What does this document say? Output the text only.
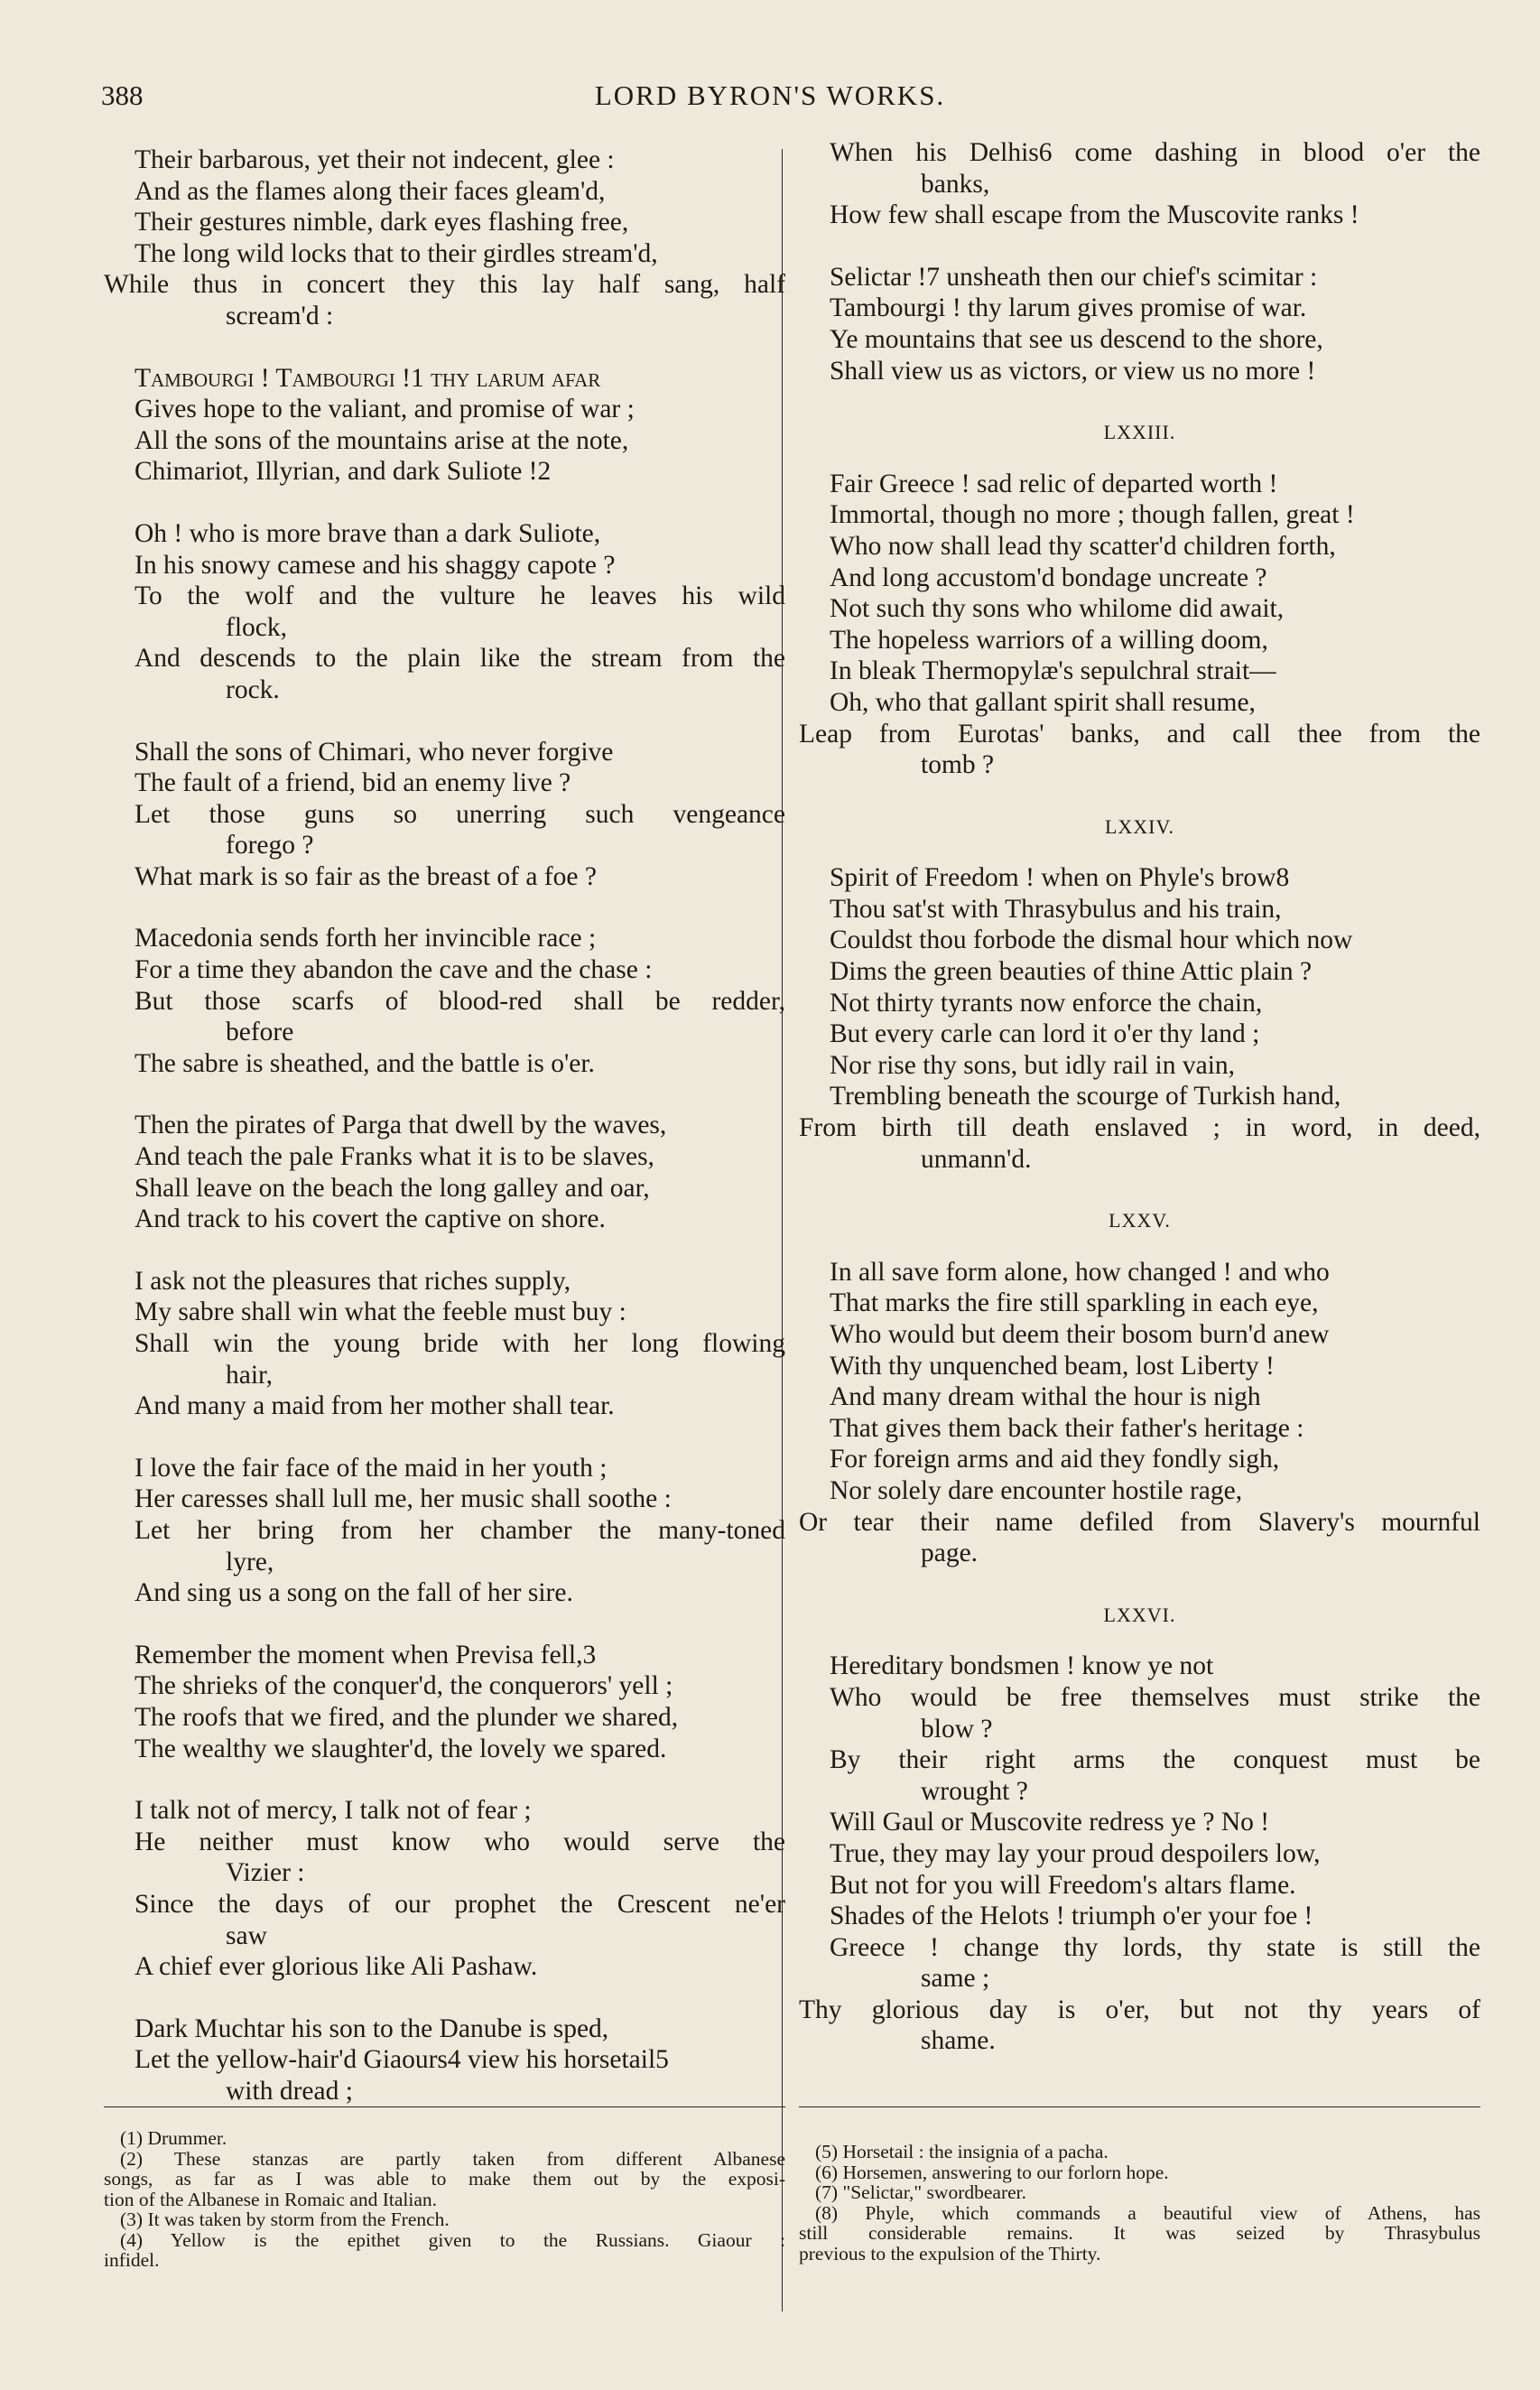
388	LORD BYRON'S WORKS.
Their barbarous, yet their not indecent, glee :
And as the flames along their faces gleam'd,
Their gestures nimble, dark eyes flashing free,
The long wild locks that to their girdles stream'd,
While thus in concert they this lay half sang, half
scream'd :
Tambourgi ! Tambourgi !1 thy larum afar
Gives hope to the valiant, and promise of war ;
All the sons of the mountains arise at the note,
Chimariot, Illyrian, and dark Suliote !2
Oh ! who is more brave than a dark Suliote,
In his snowy camese and his shaggy capote ?
To the wolf and the vulture he leaves his wild
flock,
And descends to the plain like the stream from the
rock.
Shall the sons of Chimari, who never forgive
The fault of a friend, bid an enemy live ?
Let those guns so unerring such vengeance
forego ?
What mark is so fair as the breast of a foe ?
Macedonia sends forth her invincible race ;
For a time they abandon the cave and the chase :
But those scarfs of blood-red shall be redder,
before
The sabre is sheathed, and the battle is o'er.
Then the pirates of Parga that dwell by the waves,
And teach the pale Franks what it is to be slaves,
Shall leave on the beach the long galley and oar,
And track to his covert the captive on shore.
I ask not the pleasures that riches supply,
My sabre shall win what the feeble must buy :
Shall win the young bride with her long flowing
hair,
And many a maid from her mother shall tear.
I love the fair face of the maid in her youth ;
Her caresses shall lull me, her music shall soothe :
Let her bring from her chamber the many-toned
lyre,
And sing us a song on the fall of her sire.
Remember the moment when Previsa fell,3
The shrieks of the conquer'd, the conquerors' yell ;
The roofs that we fired, and the plunder we shared,
The wealthy we slaughter'd, the lovely we spared.
I talk not of mercy, I talk not of fear ;
He neither must know who would serve the
Vizier :
Since the days of our prophet the Crescent ne'er
saw
A chief ever glorious like Ali Pashaw.
Dark Muchtar his son to the Danube is sped,
Let the yellow-hair'd Giaours4 view his horsetail5
with dread ;
When his Delhis6 come dashing in blood o'er the
banks,
How few shall escape from the Muscovite ranks !
Selictar !7 unsheath then our chief's scimitar :
Tambourgi ! thy larum gives promise of war.
Ye mountains that see us descend to the shore,
Shall view us as victors, or view us no more !
LXXIII.
Fair Greece ! sad relic of departed worth !
Immortal, though no more ; though fallen, great !
Who now shall lead thy scatter'd children forth,
And long accustom'd bondage uncreate ?
Not such thy sons who whilome did await,
The hopeless warriors of a willing doom,
In bleak Thermopylæ's sepulchral strait—
Oh, who that gallant spirit shall resume,
Leap from Eurotas' banks, and call thee from the
tomb ?
LXXIV.
Spirit of Freedom ! when on Phyle's brow8
Thou sat'st with Thrasybulus and his train,
Couldst thou forbode the dismal hour which now
Dims the green beauties of thine Attic plain ?
Not thirty tyrants now enforce the chain,
But every carle can lord it o'er thy land ;
Nor rise thy sons, but idly rail in vain,
Trembling beneath the scourge of Turkish hand,
From birth till death enslaved ; in word, in deed,
unmann'd.
LXXV.
In all save form alone, how changed ! and who
That marks the fire still sparkling in each eye,
Who would but deem their bosom burn'd anew
With thy unquenched beam, lost Liberty !
And many dream withal the hour is nigh
That gives them back their father's heritage :
For foreign arms and aid they fondly sigh,
Nor solely dare encounter hostile rage,
Or tear their name defiled from Slavery's mournful
page.
LXXVI.
Hereditary bondsmen ! know ye not
Who would be free themselves must strike the
blow ?
By their right arms the conquest must be
wrought ?
Will Gaul or Muscovite redress ye ? No !
True, they may lay your proud despoilers low,
But not for you will Freedom's altars flame.
Shades of the Helots ! triumph o'er your foe !
Greece ! change thy lords, thy state is still the
same ;
Thy glorious day is o'er, but not thy years of
shame.
(1) Drummer.
(2) These stanzas are partly taken from different Albanese
songs, as far as I was able to make them out by the exposi-
tion of the Albanese in Romaic and Italian.
(3) It was taken by storm from the French.
(4) Yellow is the epithet given to the Russians. Giaour :
infidel.
(5) Horsetail : the insignia of a pacha.
(6) Horsemen, answering to our forlorn hope.
(7) "Selictar," swordbearer.
(8) Phyle, which commands a beautiful view of Athens, has
still considerable remains. It was seized by Thrasybulus
previous to the expulsion of the Thirty.
